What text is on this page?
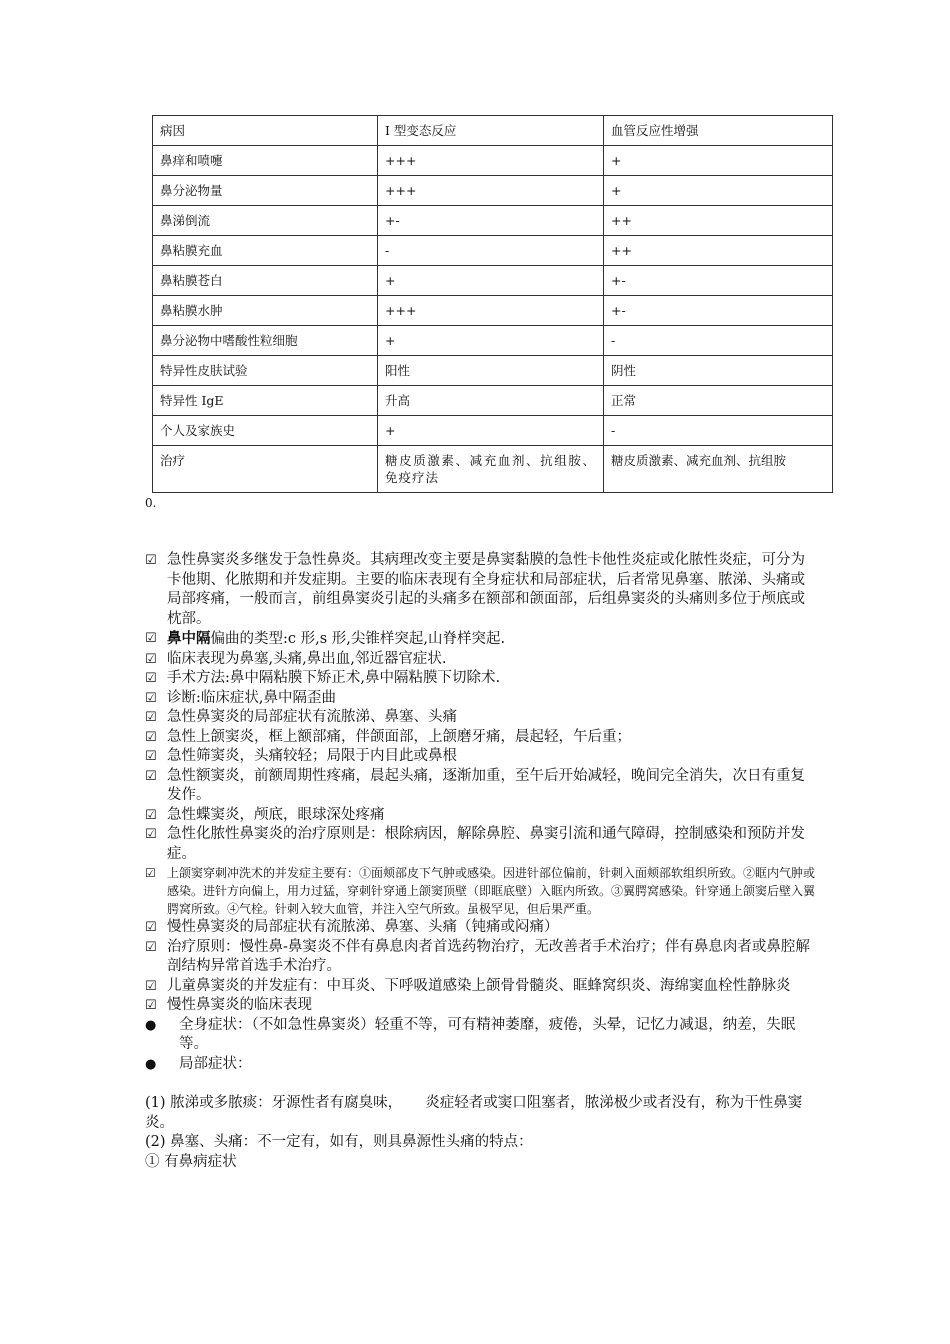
病因	I 型变态反应	血管反应性增强
鼻痒和喷嚏	+++	+
鼻分泌物量	+++	+
鼻涕倒流	+-	++
鼻粘膜充血	-	++
鼻粘膜苍白	+	+-
鼻粘膜水肿	+++	+-
鼻分泌物中嗜酸性粒细胞	+	-
特异性皮肤试验	阳性	阴性
特异性 IgE	升高	正常
个人及家族史	+	-
治疗	糖皮质激素、减充血剂、抗组胺、免疫疗法	糖皮质激素、减充血剂、抗组胺
0.
☑ 急性鼻窦炎多继发于急性鼻炎。其病理改变主要是鼻窦黏膜的急性卡他性炎症或化脓性炎症，可分为卡他期、化脓期和并发症期。主要的临床表现有全身症状和局部症状，后者常见鼻塞、脓涕、头痛或局部疼痛，一般而言，前组鼻窦炎引起的头痛多在额部和颌面部，后组鼻窦炎的头痛则多位于颅底或枕部。
☑ 鼻中隔偏曲的类型:c 形,s 形,尖锥样突起,山脊样突起.
☑ 临床表现为鼻塞,头痛,鼻出血,邻近器官症状.
☑ 手术方法:鼻中隔粘膜下矫正术,鼻中隔粘膜下切除术.
☑ 诊断:临床症状,鼻中隔歪曲
☑ 急性鼻窦炎的局部症状有流脓涕、鼻塞、头痛
☑ 急性上颌窦炎，框上额部痛，伴颌面部，上颌磨牙痛，晨起轻，午后重；
☑ 急性筛窦炎，头痛较轻；局限于内目此或鼻根
☑ 急性额窦炎，前额周期性疼痛，晨起头痛，逐渐加重，至午后开始减轻，晚间完全消失，次日有重复发作。
☑ 急性蝶窦炎，颅底，眼球深处疼痛
☑ 急性化脓性鼻窦炎的治疗原则是：根除病因，解除鼻腔、鼻窦引流和通气障碍，控制感染和预防并发症。
☑ 上颌窦穿刺冲洗术的并发症主要有：①面颊部皮下气肿或感染。因进针部位偏前，针刺入面颊部软组织所致。②眶内气肿或感染。进针方向偏上，用力过猛，穿刺针穿通上颌窦顶壁（即眶底壁）入眶内所致。③翼腭窝感染。针穿通上颌窦后壁入翼腭窝所致。④气栓。针刺入较大血管，并注入空气所致。虽极罕见，但后果严重。
☑ 慢性鼻窦炎的局部症状有流脓涕、鼻塞、头痛（钝痛或闷痛）
☑ 治疗原则：慢性鼻-鼻窦炎不伴有鼻息肉者首选药物治疗，无改善者手术治疗；伴有鼻息肉者或鼻腔解剖结构异常首选手术治疗。
☑ 儿童鼻窦炎的并发症有：中耳炎、下呼吸道感染上颌骨骨髓炎、眶蜂窝织炎、海绵窦血栓性静脉炎
☑ 慢性鼻窦炎的临床表现
●	全身症状：（不如急性鼻窦炎）轻重不等，可有精神萎靡，疲倦，头晕，记忆力减退，纳差，失眠等。
●	局部症状：
(1) 脓涕或多脓痰：牙源性者有腐臭味，     炎症轻者或窦口阻塞者，脓涕极少或者没有，称为干性鼻窦炎。
(2) 鼻塞、头痛：不一定有，如有，则具鼻源性头痛的特点：
① 有鼻病症状
